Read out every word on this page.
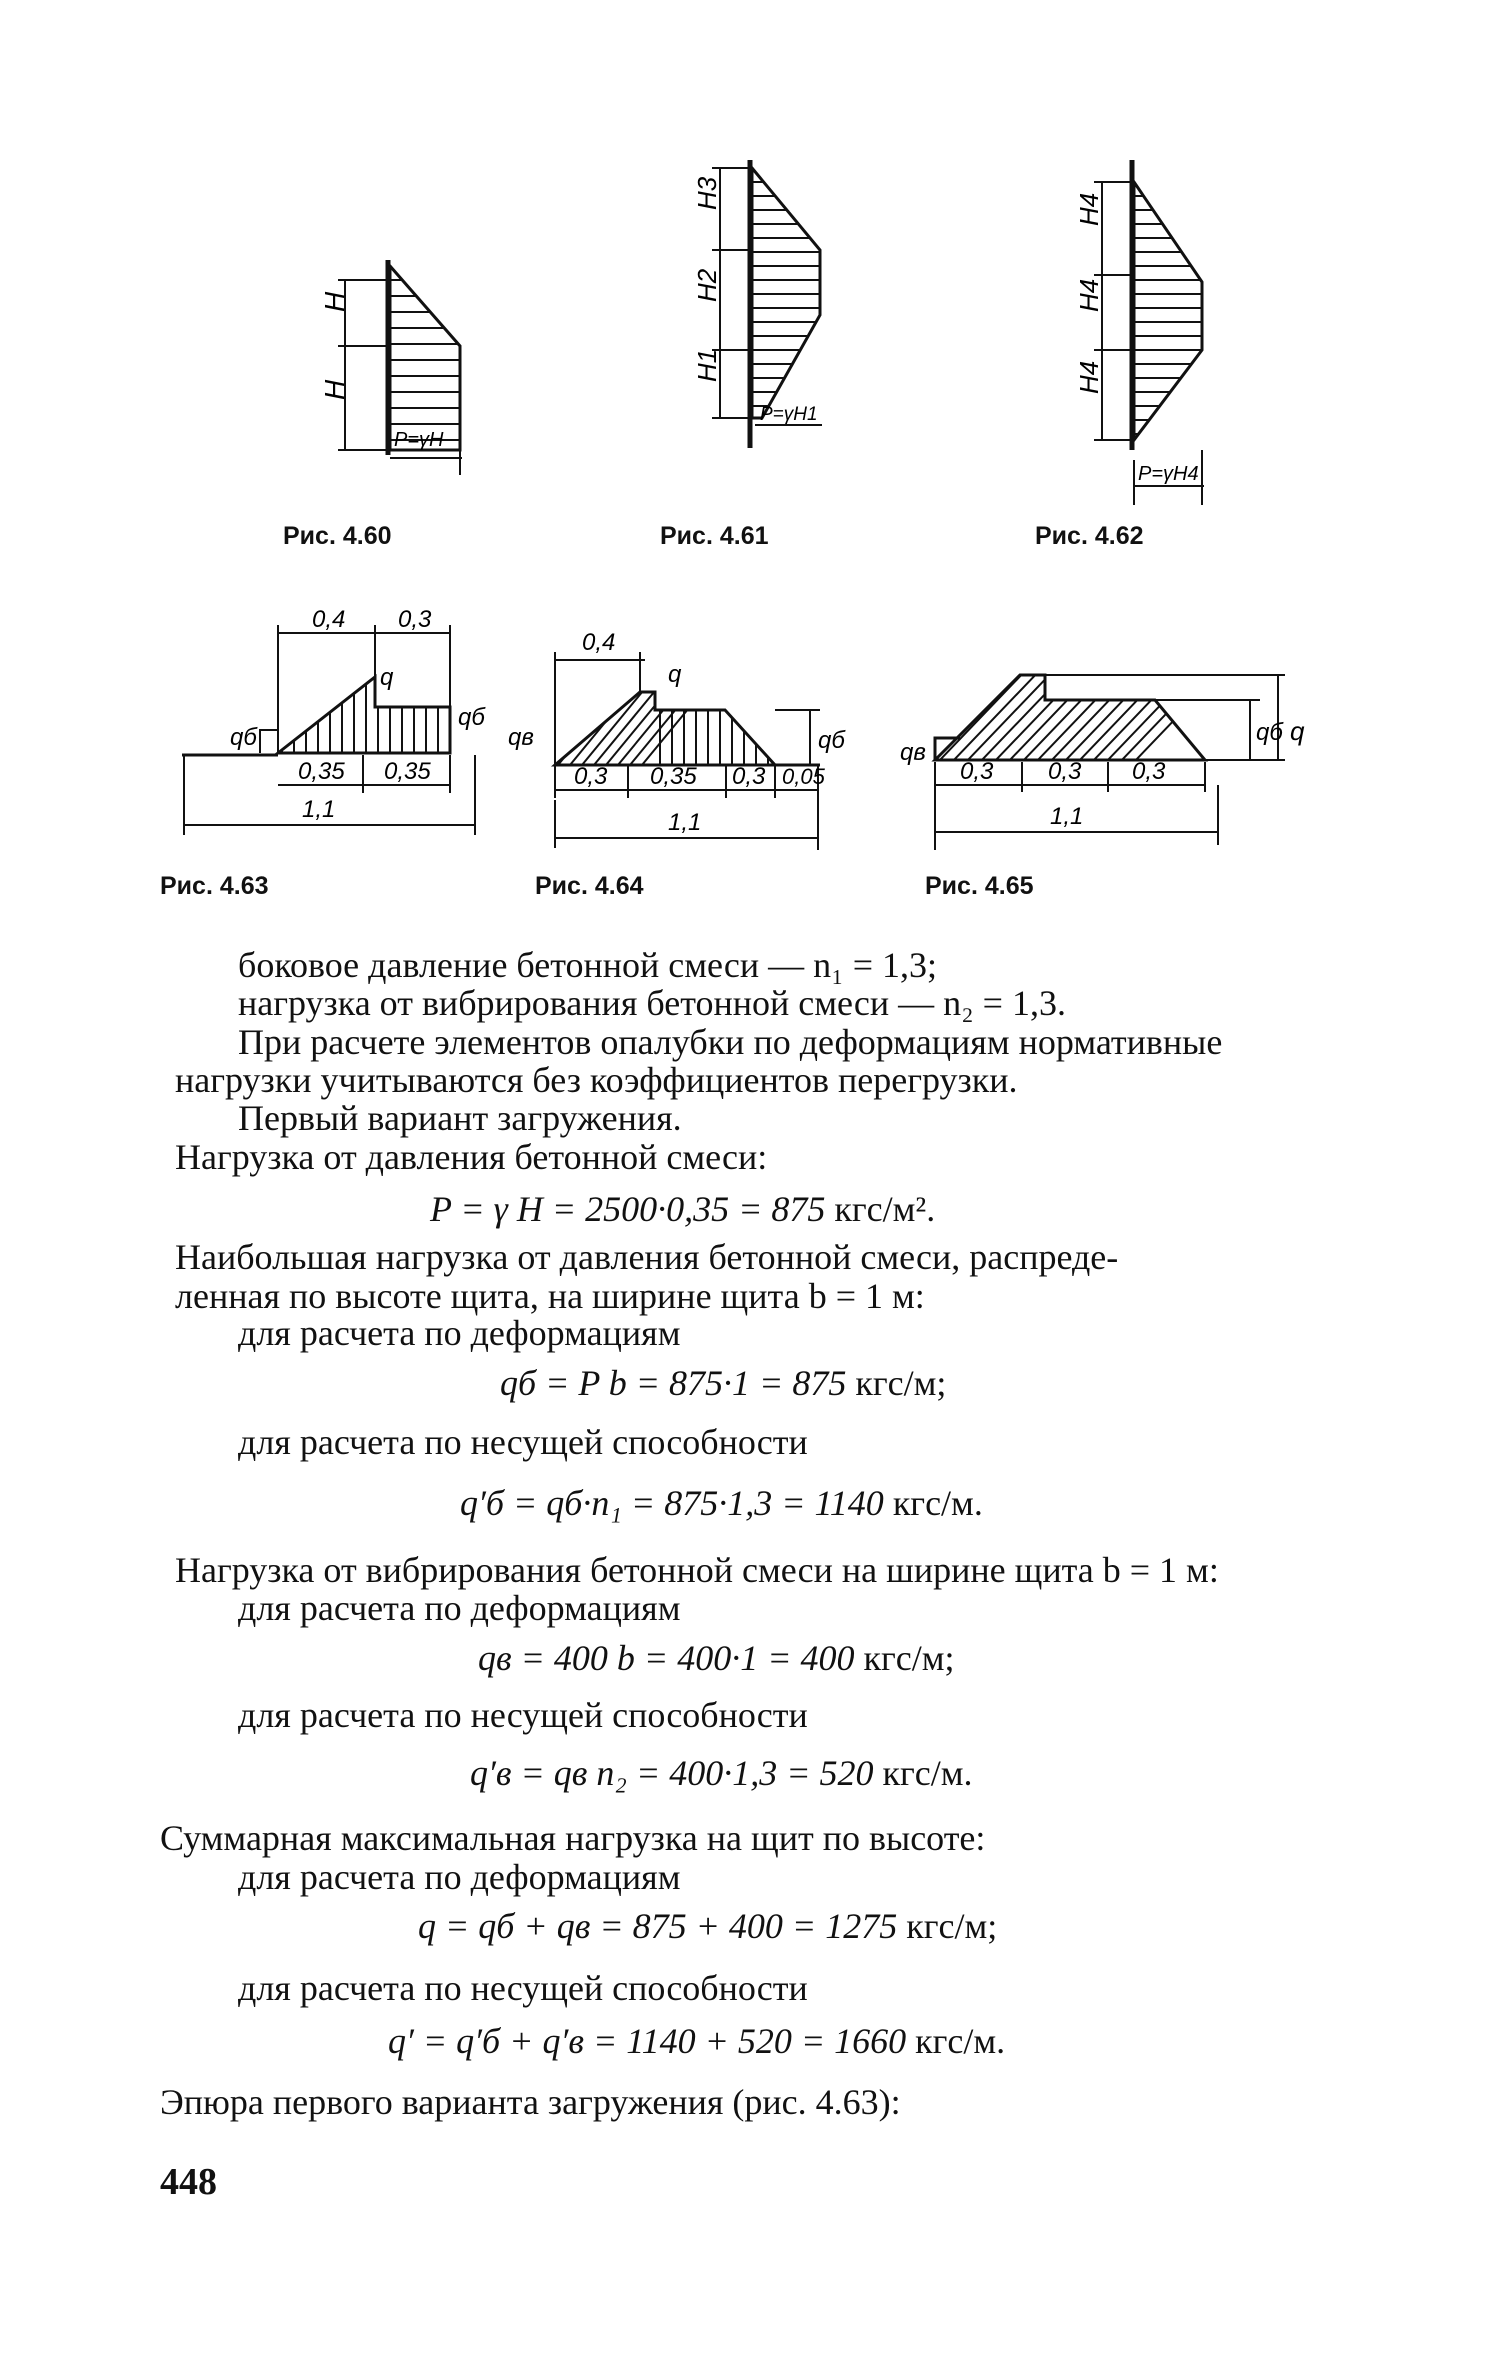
H
H
P=γH
Рис. 4.60
H3
H2
H1
P=γH1
Рис. 4.61
H4
H4
H4
P=γH4
Рис. 4.62
0,4 0,3
q
qб
qб
0,35 0,35
1,1
Рис. 4.63
0,4
q
qв	qб
0,3 0,35 0,3 0,05
1,1
Рис. 4.64
qв
qб q
0,3 0,3 0,3
1,1
Рис. 4.65
боковое давление бетонной смеси — n₁ = 1,3;
нагрузка от вибрирования бетонной смеси — n₂ = 1,3.
При расчете элементов опалубки по деформациям нормативные
нагрузки учитываются без коэффициентов перегрузки.
Первый вариант загружения.
Нагрузка от давления бетонной смеси:
P = γ H = 2500·0,35 = 875 кгс/м².
Наибольшая нагрузка от давления бетонной смеси, распреде-
ленная по высоте щита, на ширине щита b = 1 м:
для расчета по деформациям
qб = P b = 875·1 = 875 кгс/м;
для расчета по несущей способности
q′б = qб·n₁ = 875·1,3 = 1140 кгс/м.
Нагрузка от вибрирования бетонной смеси на ширине щита b = 1 м:
для расчета по деформациям
qв = 400 b = 400·1 = 400 кгс/м;
для расчета по несущей способности
q′в = qв n₂ = 400·1,3 = 520 кгс/м.
Суммарная максимальная нагрузка на щит по высоте:
для расчета по деформациям
q = qб + qв = 875 + 400 = 1275 кгс/м;
для расчета по несущей способности
q′ = q′б + q′в = 1140 + 520 = 1660 кгс/м.
Эпюра первого варианта загружения (рис. 4.63):
448
